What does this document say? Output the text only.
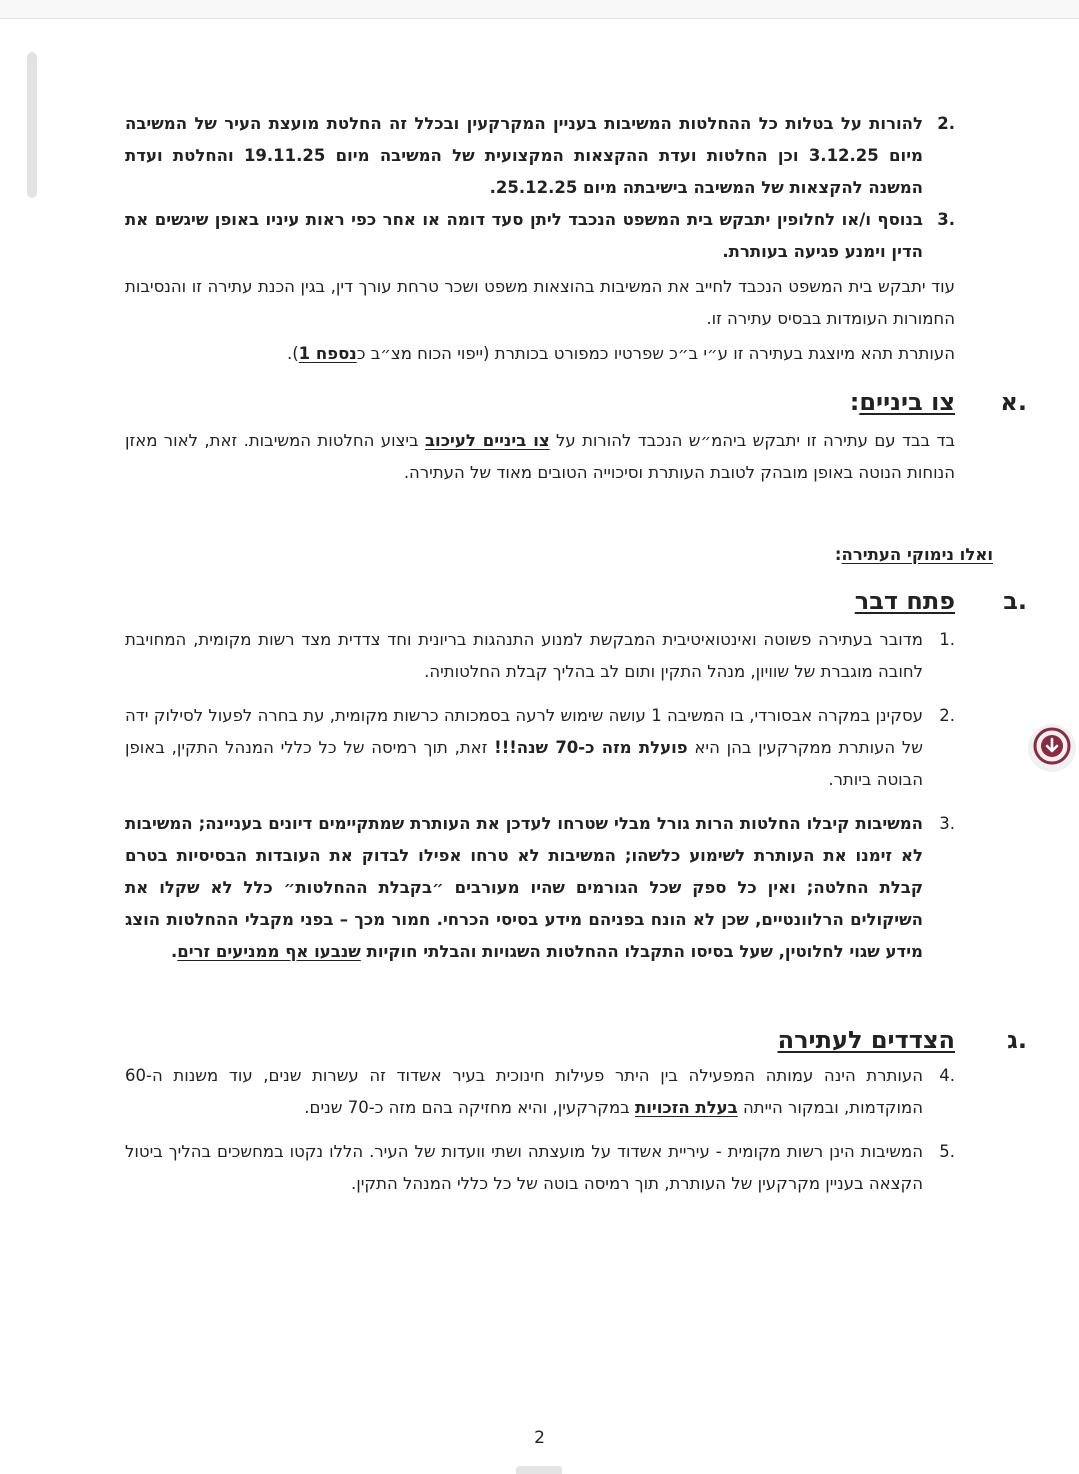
.2

להורות על בטלות כל ההחלטות המשיבות בעניין המקרקעין ובכלל זה החלטת מועצת העיר של המשיבה מיום 3.12.25 וכן החלטות ועדת ההקצאות המקצועית של המשיבה מיום 19.11.25 והחלטת ועדת המשנה להקצאות של המשיבה בישיבתה מיום 25.12.25.

.3

בנוסף ו/או לחלופין יתבקש בית המשפט הנכבד ליתן סעד דומה או אחר כפי ראות עיניו באופן שיגשים את הדין וימנע פגיעה בעותרת.

עוד יתבקש בית המשפט הנכבד לחייב את המשיבות בהוצאות משפט ושכר טרחת עורך דין, בגין הכנת עתירה זו והנסיבות החמורות העומדות בבסיס עתירה זו.

העותרת תהא מיוצגת בעתירה זו ע״י ב״כ שפרטיו כמפורט בכותרת (ייפוי הכוח מצ״ב כנספח 1).

.א
צו ביניים:

בד בבד עם עתירה זו יתבקש ביהמ״ש הנכבד להורות על צו ביניים לעיכוב ביצוע החלטות המשיבות. זאת, לאור מאזן הנוחות הנוטה באופן מובהק לטובת העותרת וסיכוייה הטובים מאוד של העתירה.

ואלו נימוקי העתירה:
.ב
פתח דבר
.1

מדובר בעתירה פשוטה ואינטואיטיבית המבקשת למנוע התנהגות בריונית וחד צדדית מצד רשות מקומית, המחויבת לחובה מוגברת של שוויון, מנהל התקין ותום לב בהליך קבלת החלטותיה.

.2

עסקינן במקרה אבסורדי, בו המשיבה 1 עושה שימוש לרעה בסמכותה כרשות מקומית, עת בחרה לפעול לסילוק ידה של העותרת ממקרקעין בהן היא פועלת מזה כ-70 שנה!!! זאת, תוך רמיסה של כל כללי המנהל התקין, באופן הבוטה ביותר.

.3

המשיבות קיבלו החלטות הרות גורל מבלי שטרחו לעדכן את העותרת שמתקיימים דיונים בעניינה; המשיבות לא זימנו את העותרת לשימוע כלשהו; המשיבות לא טרחו אפילו לבדוק את העובדות הבסיסיות בטרם קבלת החלטה; ואין כל ספק שכל הגורמים שהיו מעורבים ״בקבלת ההחלטות״ כלל לא שקלו את השיקולים הרלוונטיים, שכן לא הונח בפניהם מידע בסיסי הכרחי. חמור מכך – בפני מקבלי ההחלטות הוצג מידע שגוי לחלוטין, שעל בסיסו התקבלו ההחלטות השגויות והבלתי חוקיות שנבעו אף ממניעים זרים.

.ג
הצדדים לעתירה
.4

העותרת הינה עמותה המפעילה בין היתר פעילות חינוכית בעיר אשדוד זה עשרות שנים, עוד משנות ה-60 המוקדמות, ובמקור הייתה בעלת הזכויות במקרקעין, והיא מחזיקה בהם מזה כ-70 שנים.

.5

המשיבות הינן רשות מקומית - עיריית אשדוד על מועצתה ושתי וועדות של העיר. הללו נקטו במחשכים בהליך ביטול הקצאה בעניין מקרקעין של העותרת, תוך רמיסה בוטה של כל כללי המנהל התקין.

2
